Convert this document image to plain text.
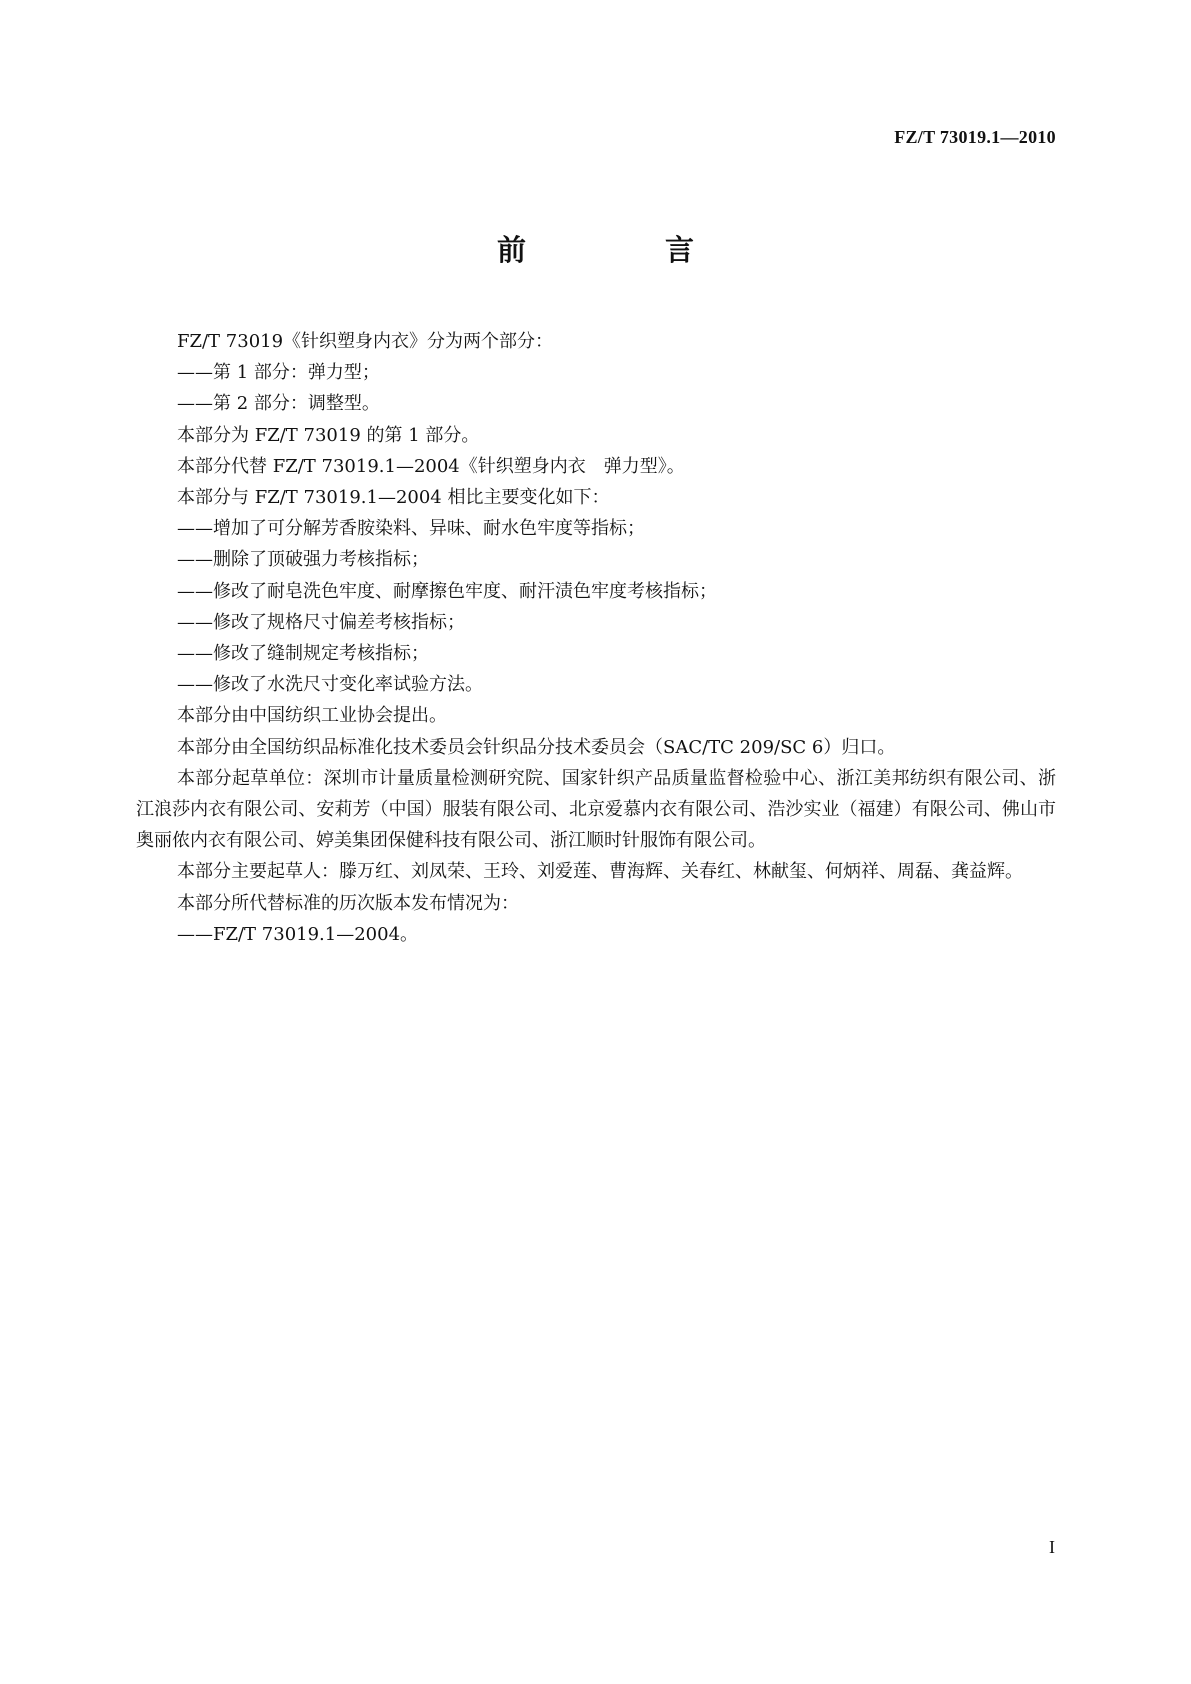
FZ/T 73019.1—2010
前　言

FZ/T 73019《针织塑身内衣》分为两个部分：

——第 1 部分：弹力型；

——第 2 部分：调整型。

本部分为 FZ/T 73019 的第 1 部分。

本部分代替 FZ/T 73019.1—2004《针织塑身内衣　弹力型》。

本部分与 FZ/T 73019.1—2004 相比主要变化如下：

——增加了可分解芳香胺染料、异味、耐水色牢度等指标；

——删除了顶破强力考核指标；

——修改了耐皂洗色牢度、耐摩擦色牢度、耐汗渍色牢度考核指标；

——修改了规格尺寸偏差考核指标；

——修改了缝制规定考核指标；

——修改了水洗尺寸变化率试验方法。

本部分由中国纺织工业协会提出。

本部分由全国纺织品标准化技术委员会针织品分技术委员会（SAC/TC 209/SC 6）归口。

本部分起草单位：深圳市计量质量检测研究院、国家针织产品质量监督检验中心、浙江美邦纺织有限公司、浙江浪莎内衣有限公司、安莉芳（中国）服装有限公司、北京爱慕内衣有限公司、浩沙实业（福建）有限公司、佛山市奥丽侬内衣有限公司、婷美集团保健科技有限公司、浙江顺时针服饰有限公司。

本部分主要起草人：滕万红、刘凤荣、王玲、刘爱莲、曹海辉、关春红、林献玺、何炳祥、周磊、龚益辉。

本部分所代替标准的历次版本发布情况为：

——FZ/T 73019.1—2004。

I
